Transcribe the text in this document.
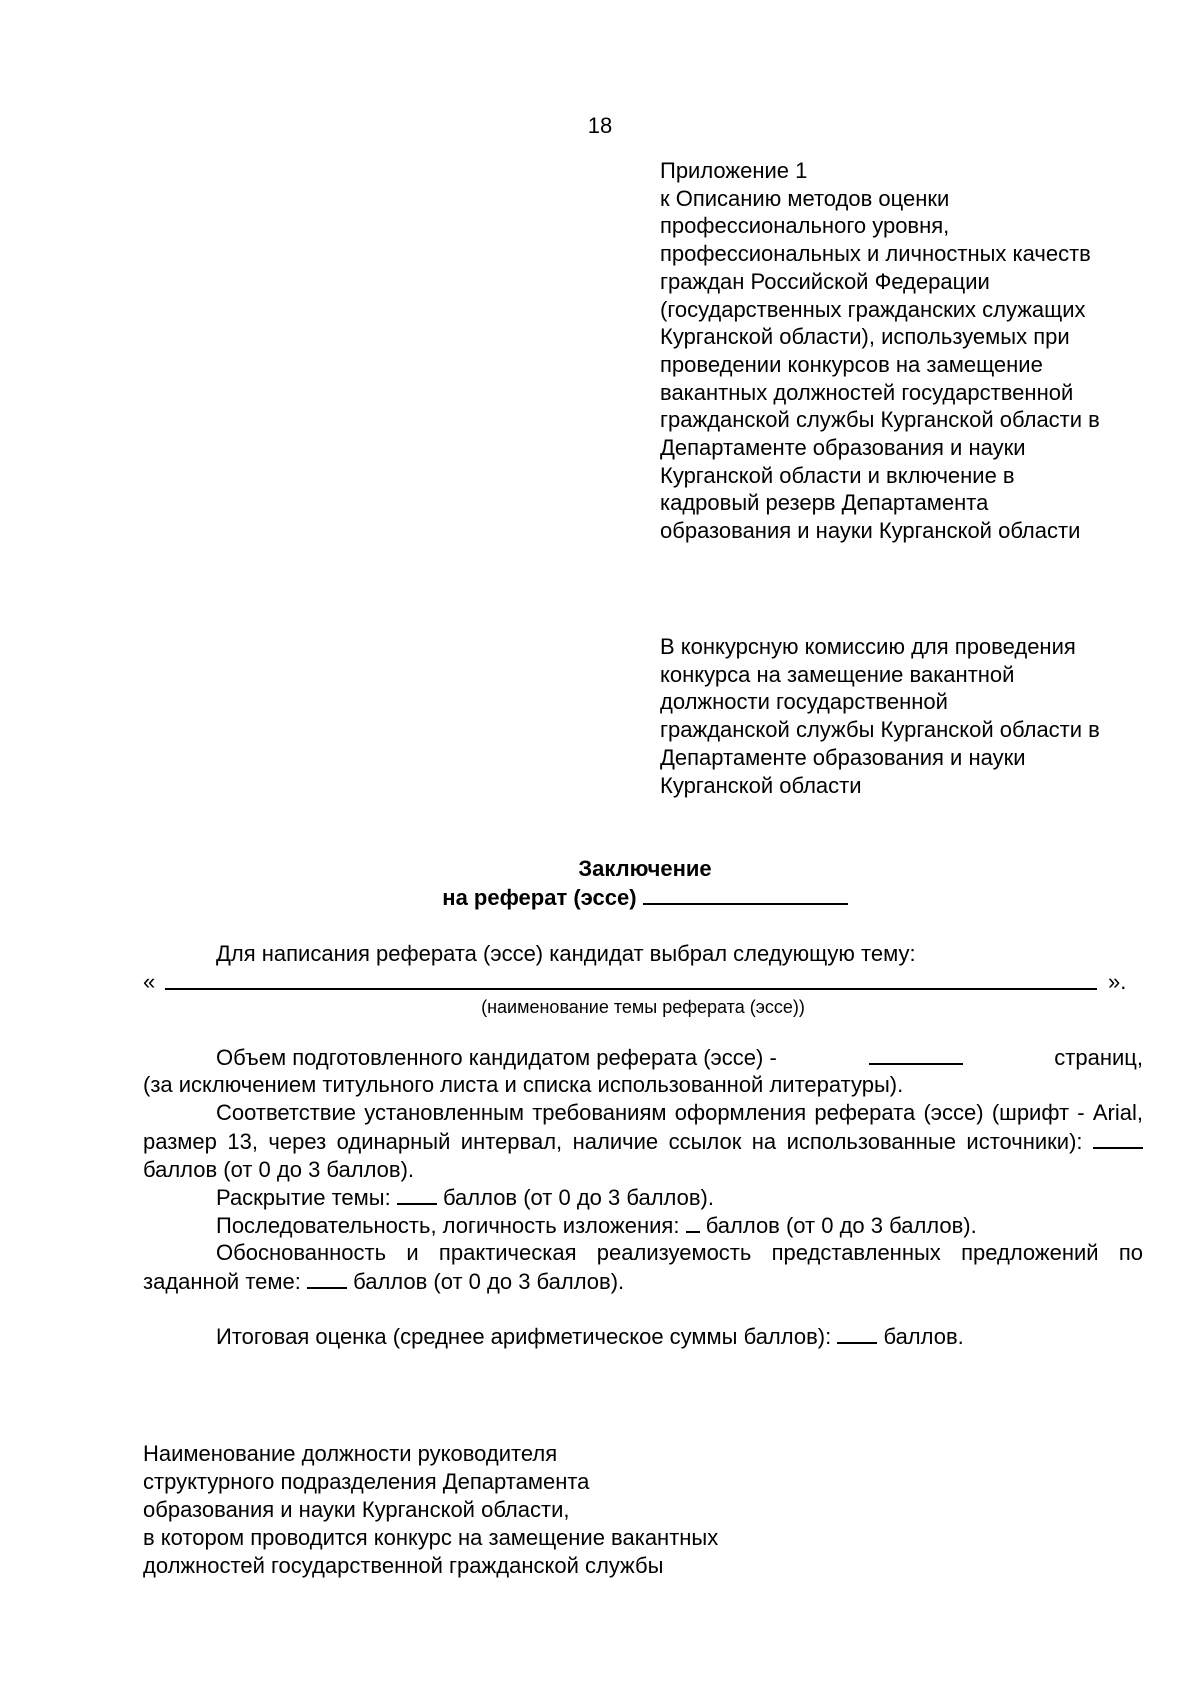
18
Приложение 1
к Описанию методов оценки
профессионального уровня,
профессиональных и личностных качеств
граждан Российской Федерации
(государственных гражданских служащих
Курганской области), используемых при
проведении конкурсов на замещение
вакантных должностей государственной
гражданской службы Курганской области в
Департаменте образования и науки
Курганской области и включение в
кадровый резерв Департамента
образования и науки Курганской области
В конкурсную комиссию для проведения
конкурса на замещение вакантной
должности государственной
гражданской службы Курганской области в
Департаменте образования и науки
Курганской области
Заключение
на реферат (эссе)
Для написания реферата (эссе) кандидат выбрал следующую тему:
«	».
(наименование темы реферата (эссе))
Объем подготовленного кандидатом реферата (эссе) -	страниц,
(за исключением титульного листа и списка использованной литературы).
Соответствие установленным требованиям оформления реферата (эссе) (шрифт - Arial, размер 13, через одинарный интервал, наличие ссылок на использованные источники):  баллов (от 0 до 3 баллов).
Раскрытие темы: баллов (от 0 до 3 баллов).
Последовательность, логичность изложения: баллов (от 0 до 3 баллов).
Обоснованность и практическая реализуемость представленных предложений по заданной теме: баллов (от 0 до 3 баллов).
Итоговая оценка (среднее арифметическое суммы баллов): баллов.
Наименование должности руководителя
структурного подразделения Департамента
образования и науки Курганской области,
в котором проводится конкурс на замещение вакантных
должностей государственной гражданской службы
